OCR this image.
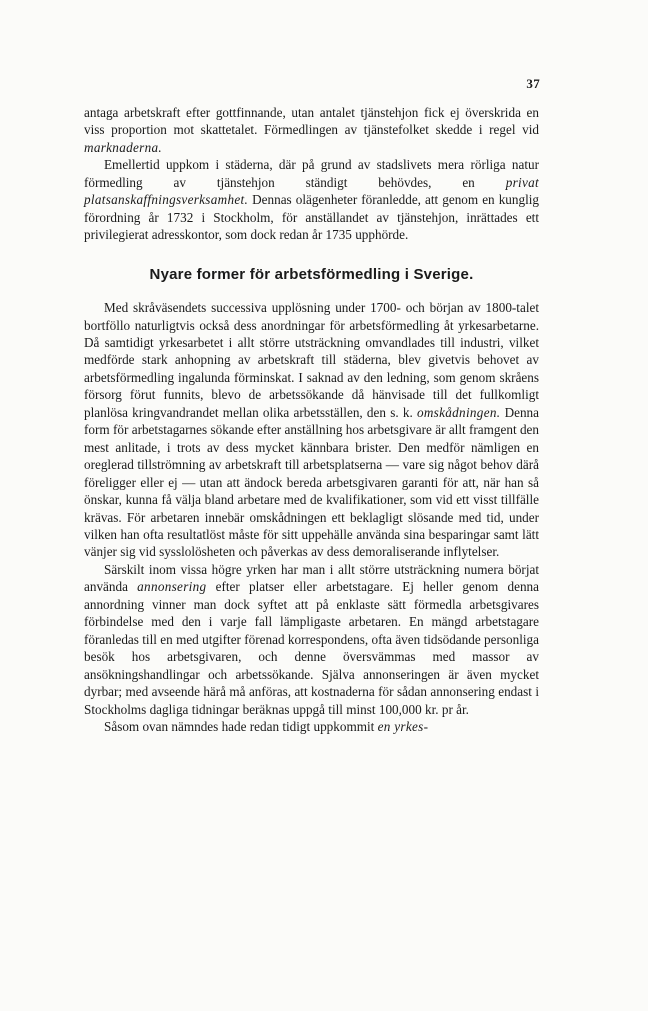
37

antaga arbetskraft efter gottfinnande, utan antalet tjänstehjon fick ej överskrida en viss proportion mot skattetalet. Förmedlingen av tjänstefolket skedde i regel vid marknaderna.

Emellertid uppkom i städerna, där på grund av stadslivets mera rörliga natur förmedling av tjänstehjon ständigt behövdes, en privat platsanskaffningsverksamhet. Dennas olägenheter föranledde, att genom en kunglig förordning år 1732 i Stockholm, för anställandet av tjänstehjon, inrättades ett privilegierat adresskontor, som dock redan år 1735 upphörde.

Nyare former för arbetsförmedling i Sverige.

Med skråväsendets successiva upplösning under 1700- och början av 1800-talet bortföllo naturligtvis också dess anordningar för arbetsförmedling åt yrkesarbetarne. Då samtidigt yrkesarbetet i allt större utsträckning omvandlades till industri, vilket medförde stark anhopning av arbetskraft till städerna, blev givetvis behovet av arbetsförmedling ingalunda förminskat. I saknad av den ledning, som genom skråens försorg förut funnits, blevo de arbetssökande då hänvisade till det fullkomligt planlösa kringvandrandet mellan olika arbetsställen, den s. k. omskådningen. Denna form för arbetstagarnes sökande efter anställning hos arbetsgivare är allt framgent den mest anlitade, i trots av dess mycket kännbara brister. Den medför nämligen en oreglerad tillströmning av arbetskraft till arbetsplatserna — vare sig något behov därå föreligger eller ej — utan att ändock bereda arbetsgivaren garanti för att, när han så önskar, kunna få välja bland arbetare med de kvalifikationer, som vid ett visst tillfälle krävas. För arbetaren innebär omskådningen ett beklagligt slösande med tid, under vilken han ofta resultatlöst måste för sitt uppehälle använda sina besparingar samt lätt vänjer sig vid sysslolösheten och påverkas av dess demoraliserande inflytelser.

Särskilt inom vissa högre yrken har man i allt större utsträckning numera börjat använda annonsering efter platser eller arbetstagare. Ej heller genom denna annordning vinner man dock syftet att på enklaste sätt förmedla arbetsgivares förbindelse med den i varje fall lämpligaste arbetaren. En mängd arbetstagare föranledas till en med utgifter förenad korrespondens, ofta även tidsödande personliga besök hos arbetsgivaren, och denne översvämmas med massor av ansökningshandlingar och arbetssökande. Själva annonseringen är även mycket dyrbar; med avseende härå må anföras, att kostnaderna för sådan annonsering endast i Stockholms dagliga tidningar beräknas uppgå till minst 100,000 kr. pr år.

Såsom ovan nämndes hade redan tidigt uppkommit en yrkes-
